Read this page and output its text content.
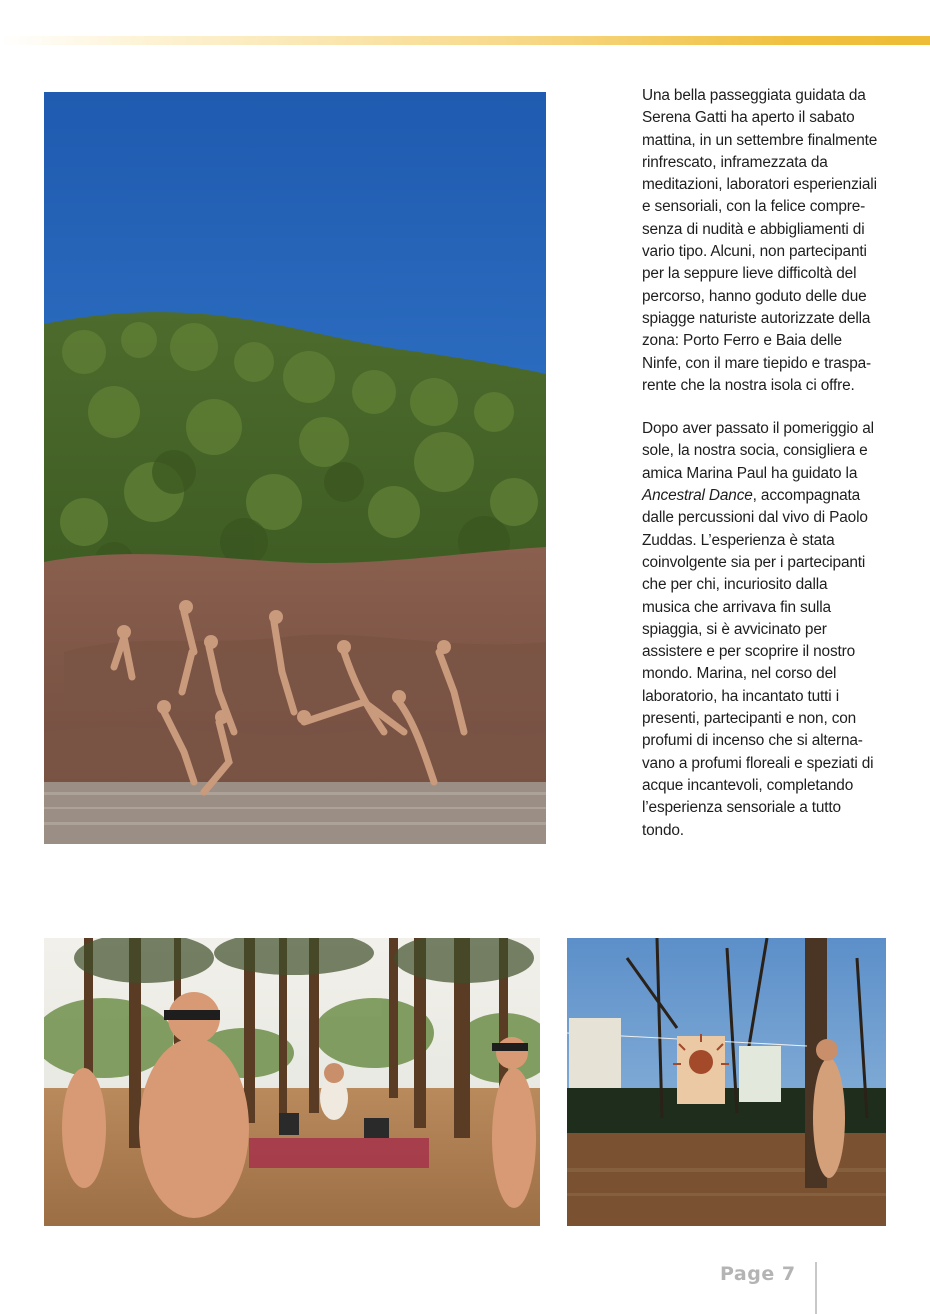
Una bella passeggiata guidata da
Serena Gatti ha aperto il sabato
mattina, in un settembre finalmente
rinfrescato, inframezzata da
meditazioni, laboratori esperienziali
e sensoriali, con la felice compre-
senza di nudità e abbigliamenti di
vario tipo. Alcuni, non partecipanti
per la seppure lieve difficoltà del
percorso, hanno goduto delle due
spiagge naturiste autorizzate della
zona: Porto Ferro e Baia delle
Ninfe, con il mare tiepido e traspa-
rente che la nostra isola ci offre.

Dopo aver passato il pomeriggio al
sole, la nostra socia, consigliera e
amica Marina Paul ha guidato la
Ancestral Dance, accompagnata
dalle percussioni dal vivo di Paolo
Zuddas. L’esperienza è stata
coinvolgente sia per i partecipanti
che per chi, incuriosito dalla
musica che arrivava fin sulla
spiaggia, si è avvicinato per
assistere e per scoprire il nostro
mondo. Marina, nel corso del
laboratorio, ha incantato tutti i
presenti, partecipanti e non, con
profumi di incenso che si alterna-
vano a profumi floreali e speziati di
acque incantevoli, completando
l’esperienza sensoriale a tutto
tondo.

Page 7
